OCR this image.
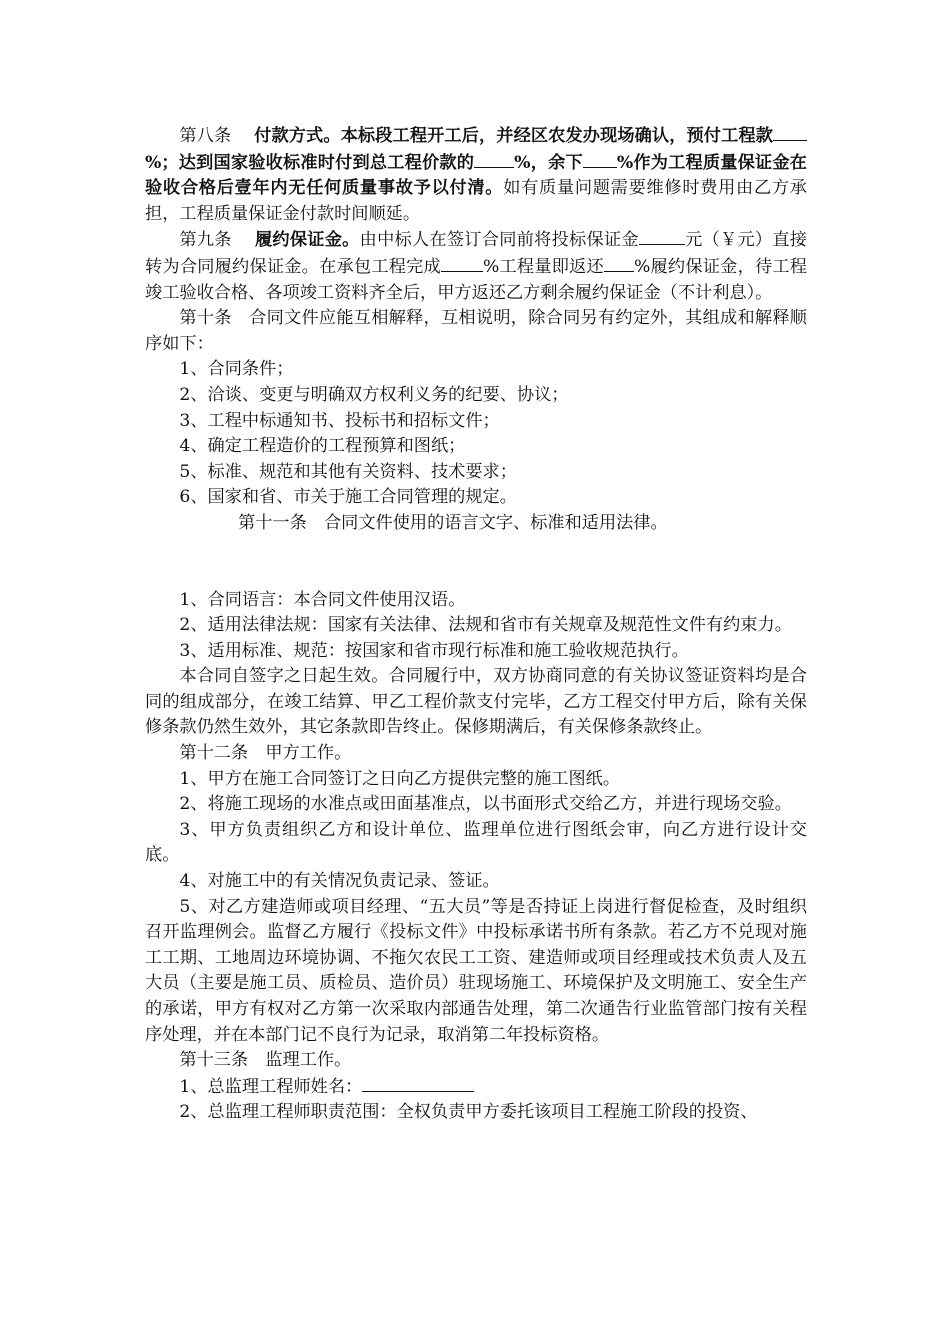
第八条　 付款方式。本标段工程开工后，并经区农发办现场确认，预付工程款%；达到国家验收标准时付到总工程价款的 %，余下 %作为工程质量保证金在验收合格后壹年内无任何质量事故予以付清。如有质量问题需要维修时费用由乙方承担，工程质量保证金付款时间顺延。

第九条　 履约保证金。由中标人在签订合同前将投标保证金	元（￥元）直接转为合同履约保证金。在承包工程完成 %工程量即返还 %履约保证金，待工程竣工验收合格、各项竣工资料齐全后，甲方返还乙方剩余履约保证金（不计利息）。

第十条　合同文件应能互相解释，互相说明，除合同另有约定外，其组成和解释顺序如下：

1、合同条件；

2、洽谈、变更与明确双方权利义务的纪要、协议；

3、工程中标通知书、投标书和招标文件；

4、确定工程造价的工程预算和图纸；

5、标准、规范和其他有关资料、技术要求；

6、国家和省、市关于施工合同管理的规定。

第十一条　合同文件使用的语言文字、标准和适用法律。

1、合同语言：本合同文件使用汉语。

2、适用法律法规：国家有关法律、法规和省市有关规章及规范性文件有约束力。

3、适用标准、规范：按国家和省市现行标准和施工验收规范执行。

本合同自签字之日起生效。合同履行中，双方协商同意的有关协议签证资料均是合同的组成部分，在竣工结算、甲乙工程价款支付完毕，乙方工程交付甲方后，除有关保修条款仍然生效外，其它条款即告终止。保修期满后，有关保修条款终止。

第十二条　甲方工作。

1、甲方在施工合同签订之日向乙方提供完整的施工图纸。

2、将施工现场的水准点或田面基准点，以书面形式交给乙方，并进行现场交验。

3、甲方负责组织乙方和设计单位、监理单位进行图纸会审，向乙方进行设计交底。

4、对施工中的有关情况负责记录、签证。

5、对乙方建造师或项目经理、“五大员”等是否持证上岗进行督促检查，及时组织召开监理例会。监督乙方履行《投标文件》中投标承诺书所有条款。若乙方不兑现对施工工期、工地周边环境协调、不拖欠农民工工资、建造师或项目经理或技术负责人及五大员（主要是施工员、质检员、造价员）驻现场施工、环境保护及文明施工、安全生产的承诺，甲方有权对乙方第一次采取内部通告处理，第二次通告行业监管部门按有关程序处理，并在本部门记不良行为记录，取消第二年投标资格。

第十三条　监理工作。

1、总监理工程师姓名：

2、总监理工程师职责范围：全权负责甲方委托该项目工程施工阶段的投资、
